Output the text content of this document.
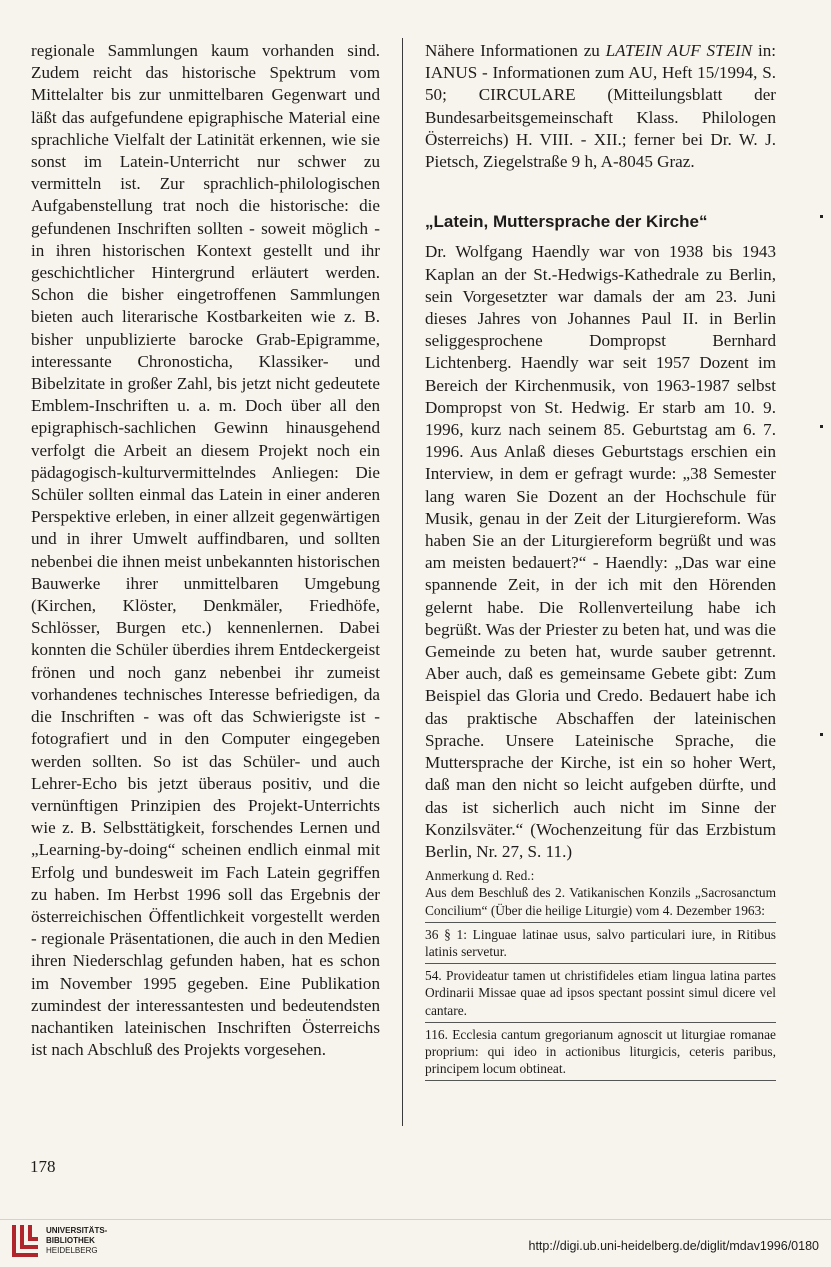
regionale Sammlungen kaum vorhanden sind. Zudem reicht das historische Spektrum vom Mittelalter bis zur unmittelbaren Gegenwart und läßt das aufgefundene epigraphische Material eine sprachliche Vielfalt der Latinität erkennen, wie sie sonst im Latein-Unterricht nur schwer zu vermitteln ist. Zur sprachlich-philologischen Aufgabenstellung trat noch die historische: die gefundenen Inschriften sollten - soweit möglich - in ihren historischen Kontext gestellt und ihr geschichtlicher Hintergrund erläutert werden. Schon die bisher eingetroffenen Sammlungen bieten auch literarische Kostbarkeiten wie z. B. bisher unpublizierte barocke Grab-Epigramme, interessante Chronosticha, Klassiker- und Bibelzitate in großer Zahl, bis jetzt nicht gedeutete Emblem-Inschriften u. a. m. Doch über all den epigraphisch-sachlichen Gewinn hinausgehend verfolgt die Arbeit an diesem Projekt noch ein pädagogisch-kulturvermittelndes Anliegen: Die Schüler sollten einmal das Latein in einer anderen Perspektive erleben, in einer allzeit gegenwärtigen und in ihrer Umwelt auffindbaren, und sollten nebenbei die ihnen meist unbekannten historischen Bauwerke ihrer unmittelbaren Umgebung (Kirchen, Klöster, Denkmäler, Friedhöfe, Schlösser, Burgen etc.) kennenlernen. Dabei konnten die Schüler überdies ihrem Entdeckergeist frönen und noch ganz nebenbei ihr zumeist vorhandenes technisches Interesse befriedigen, da die Inschriften - was oft das Schwierigste ist - fotografiert und in den Computer eingegeben werden sollten. So ist das Schüler- und auch Lehrer-Echo bis jetzt überaus positiv, und die vernünftigen Prinzipien des Projekt-Unterrichts wie z. B. Selbsttätigkeit, forschendes Lernen und „Learning-by-doing“ scheinen endlich einmal mit Erfolg und bundesweit im Fach Latein gegriffen zu haben. Im Herbst 1996 soll das Ergebnis der österreichischen Öffentlichkeit vorgestellt werden - regionale Präsentationen, die auch in den Medien ihren Niederschlag gefunden haben, hat es schon im November 1995 gegeben. Eine Publikation zumindest der interessantesten und bedeutendsten nachantiken lateinischen Inschriften Österreichs ist nach Abschluß des Projekts vorgesehen.

Nähere Informationen zu LATEIN AUF STEIN in: IANUS - Informationen zum AU, Heft 15/1994, S. 50; CIRCULARE (Mitteilungsblatt der Bundesarbeitsgemeinschaft Klass. Philologen Österreichs) H. VIII. - XII.; ferner bei Dr. W. J. Pietsch, Ziegelstraße 9 h, A-8045 Graz.

„Latein, Muttersprache der Kirche“

Dr. Wolfgang Haendly war von 1938 bis 1943 Kaplan an der St.-Hedwigs-Kathedrale zu Berlin, sein Vorgesetzter war damals der am 23. Juni dieses Jahres von Johannes Paul II. in Berlin seliggesprochene Dompropst Bernhard Lichtenberg. Haendly war seit 1957 Dozent im Bereich der Kirchenmusik, von 1963-1987 selbst Dompropst von St. Hedwig. Er starb am 10. 9. 1996, kurz nach seinem 85. Geburtstag am 6. 7. 1996. Aus Anlaß dieses Geburtstags erschien ein Interview, in dem er gefragt wurde: „38 Semester lang waren Sie Dozent an der Hochschule für Musik, genau in der Zeit der Liturgiereform. Was haben Sie an der Liturgiereform begrüßt und was am meisten bedauert?“ - Haendly: „Das war eine spannende Zeit, in der ich mit den Hörenden gelernt habe. Die Rollenverteilung habe ich begrüßt. Was der Priester zu beten hat, und was die Gemeinde zu beten hat, wurde sauber getrennt. Aber auch, daß es gemeinsame Gebete gibt: Zum Beispiel das Gloria und Credo. Bedauert habe ich das praktische Abschaffen der lateinischen Sprache. Unsere Lateinische Sprache, die Muttersprache der Kirche, ist ein so hoher Wert, daß man den nicht so leicht aufgeben dürfte, und das ist sicherlich auch nicht im Sinne der Konzilsväter.“ (Wochenzeitung für das Erzbistum Berlin, Nr. 27, S. 11.)

Anmerkung d. Red.:

Aus dem Beschluß des 2. Vatikanischen Konzils „Sacrosanctum Concilium“ (Über die heilige Liturgie) vom 4. Dezember 1963:

36 § 1: Linguae latinae usus, salvo particulari iure, in Ritibus latinis servetur.

54. Provideatur tamen ut christifideles etiam lingua latina partes Ordinarii Missae quae ad ipsos spectant possint simul dicere vel cantare.

116. Ecclesia cantum gregorianum agnoscit ut liturgiae romanae proprium: qui ideo in actionibus liturgicis, ceteris paribus, principem locum obtineat.

178
UNIVERSITÄTS-
BIBLIOTHEK
HEIDELBERG	http://digi.ub.uni-heidelberg.de/diglit/mdav1996/0180
